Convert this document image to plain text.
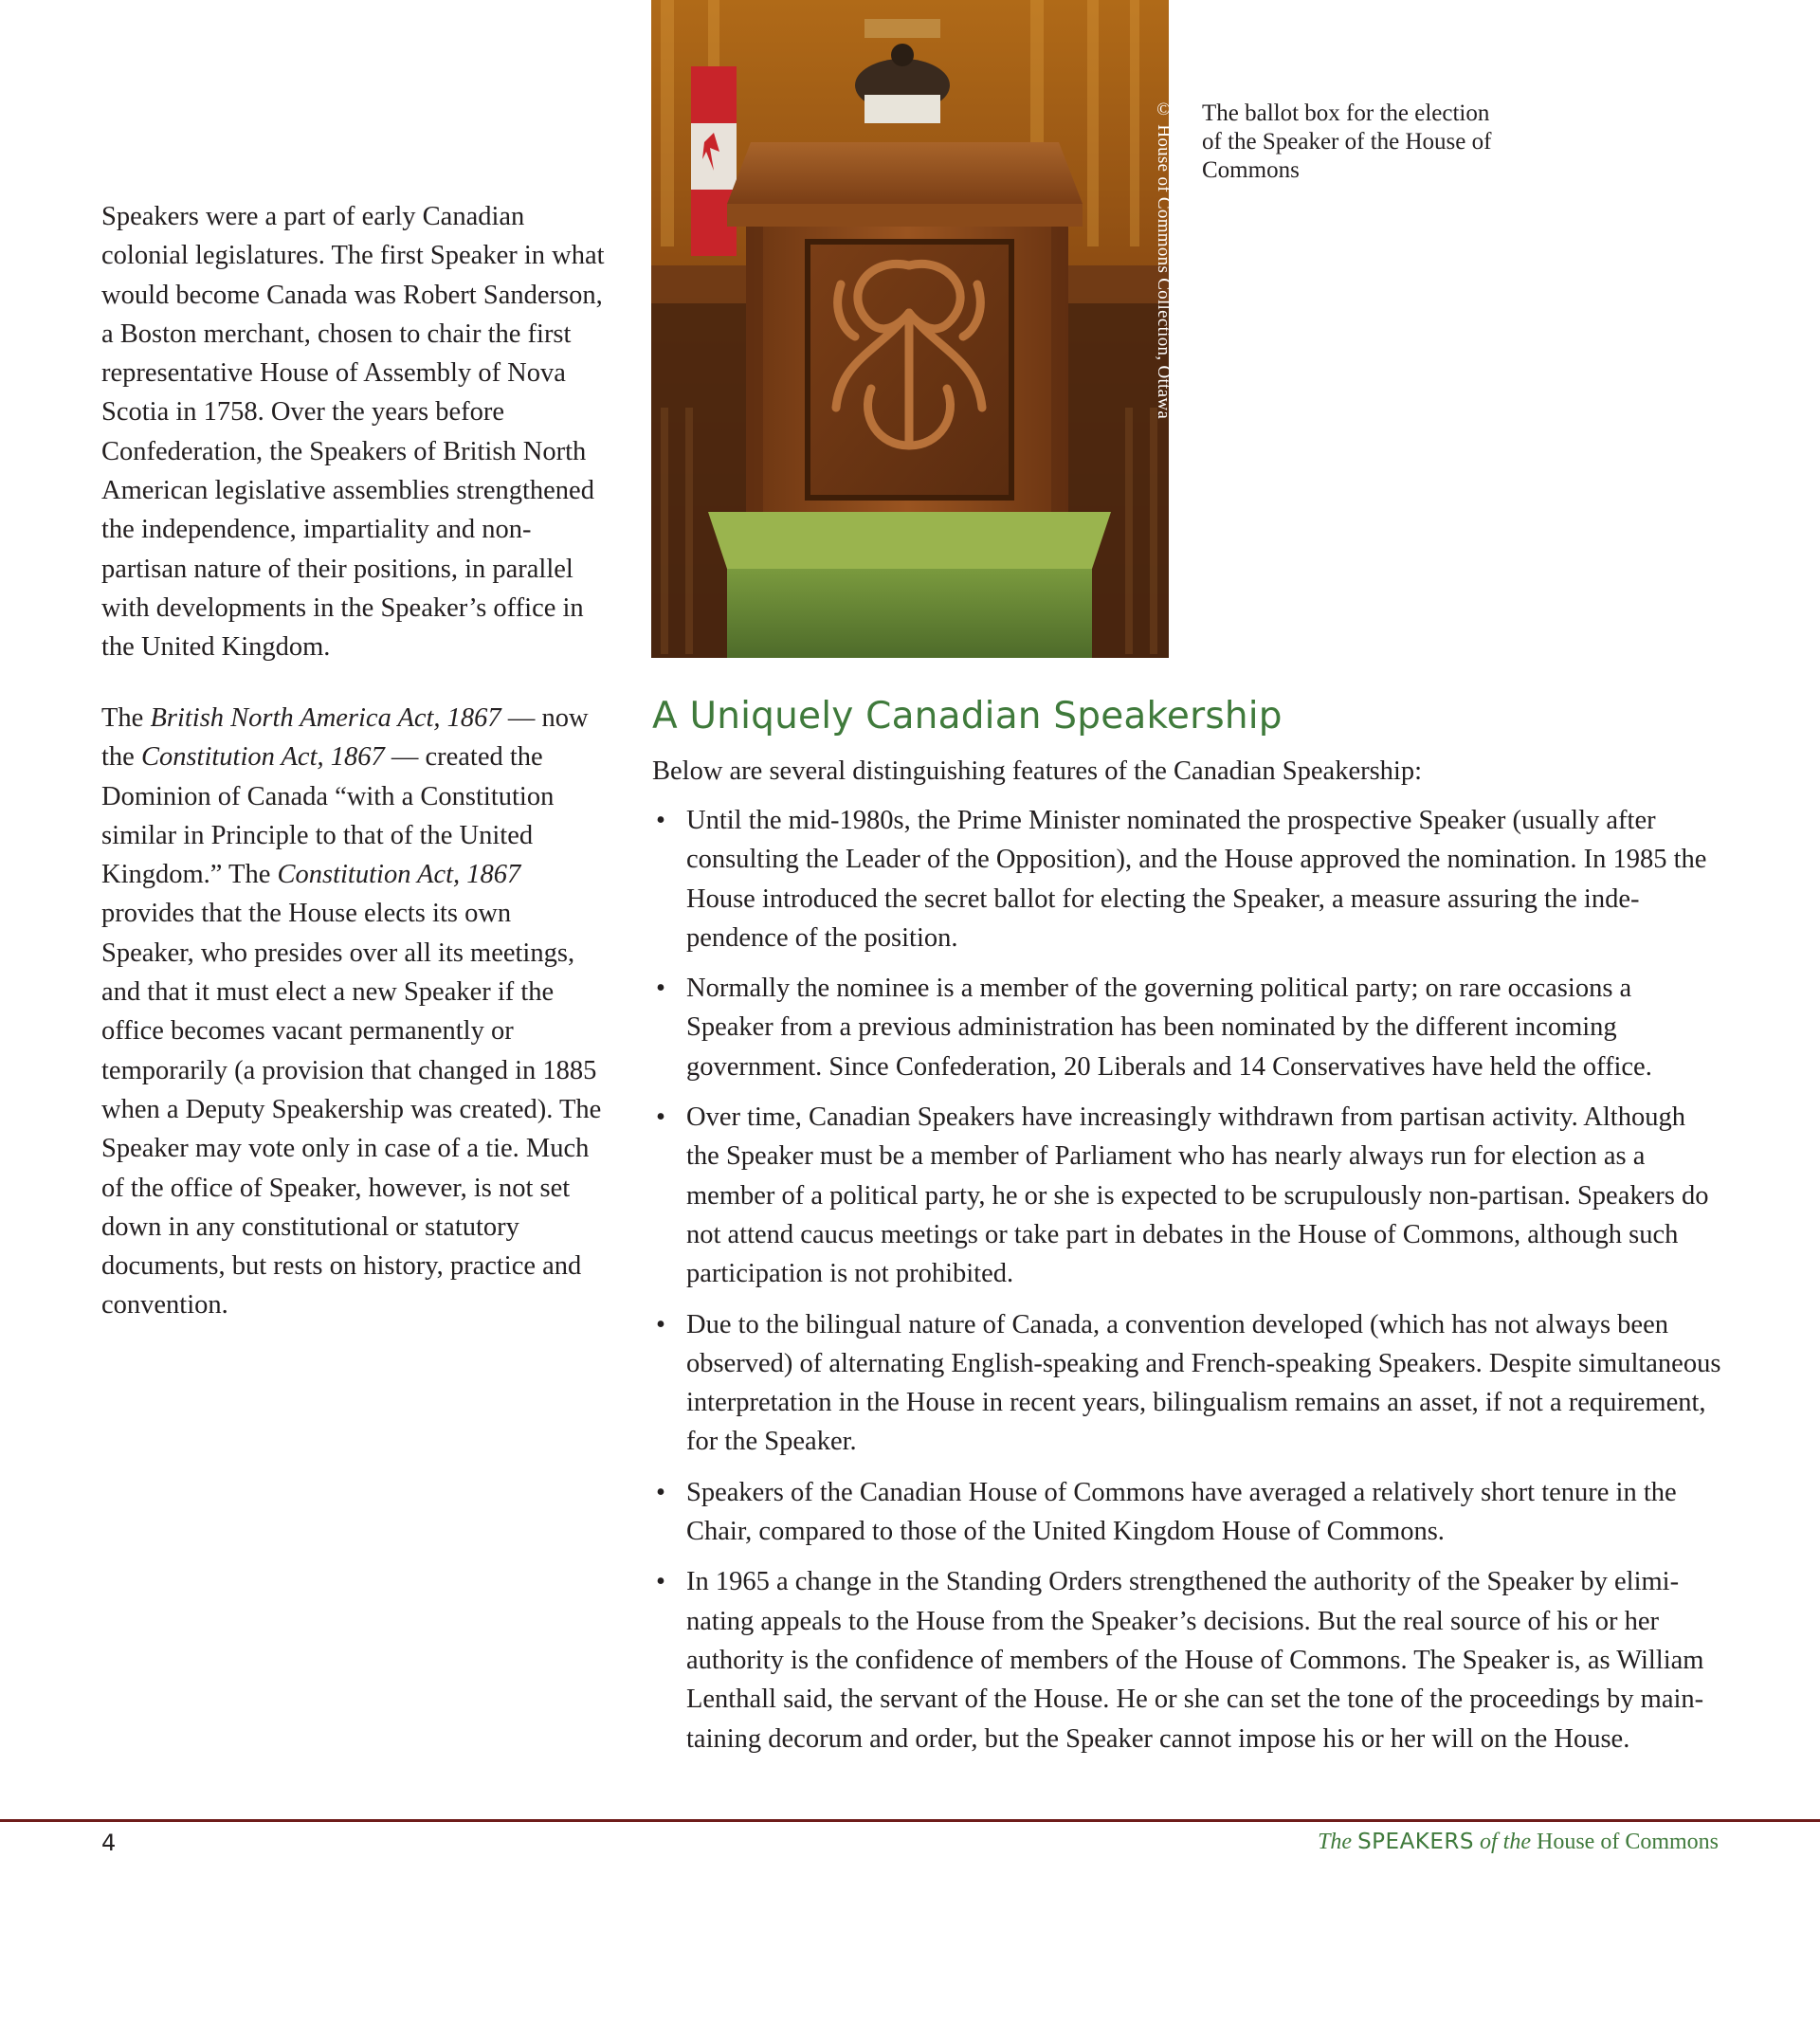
Speakers were a part of early Canadian colonial legislatures. The first Speaker in what would become Canada was Robert Sanderson, a Boston merchant, chosen to chair the first representative House of Assembly of Nova Scotia in 1758. Over the years before Confederation, the Speakers of British North American legislative assemblies strengthened the independence, impartiality and non-partisan nature of their positions, in parallel with developments in the Speaker’s office in the United Kingdom.

The British North America Act, 1867 — now the Constitution Act, 1867 — created the Dominion of Canada “with a Constitution similar in Principle to that of the United Kingdom.” The Constitution Act, 1867 provides that the House elects its own Speaker, who presides over all its meetings, and that it must elect a new Speaker if the office becomes vacant permanently or temporarily (a provision that changed in 1885 when a Deputy Speakership was created). The Speaker may vote only in case of a tie. Much of the office of Speaker, however, is not set down in any constitutional or statutory documents, but rests on history, practice and convention.

© House of Commons Collection, Ottawa The ballot box for the election of the Speaker of the House of Commons
A Uniquely Canadian Speakership
Below are several distinguishing features of the Canadian Speakership:
• Until the mid-1980s, the Prime Minister nominated the prospective Speaker (usually after consulting the Leader of the Opposition), and the House approved the nomination. In 1985 the House introduced the secret ballot for electing the Speaker, a measure assuring the inde-pendence of the position.
• Normally the nominee is a member of the governing political party; on rare occasions a Speaker from a previous administration has been nominated by the different incoming government. Since Confederation, 20 Liberals and 14 Conservatives have held the office.
• Over time, Canadian Speakers have increasingly withdrawn from partisan activity. Although the Speaker must be a member of Parliament who has nearly always run for election as a member of a political party, he or she is expected to be scrupulously non-partisan. Speakers do not attend caucus meetings or take part in debates in the House of Commons, although such participation is not prohibited.
• Due to the bilingual nature of Canada, a convention developed (which has not always been observed) of alternating English-speaking and French-speaking Speakers. Despite simultaneous interpretation in the House in recent years, bilingualism remains an asset, if not a requirement, for the Speaker.
• Speakers of the Canadian House of Commons have averaged a relatively short tenure in the Chair, compared to those of the United Kingdom House of Commons.
• In 1965 a change in the Standing Orders strengthened the authority of the Speaker by elimi-nating appeals to the House from the Speaker’s decisions. But the real source of his or her authority is the confidence of members of the House of Commons. The Speaker is, as William Lenthall said, the servant of the House. He or she can set the tone of the proceedings by main-taining decorum and order, but the Speaker cannot impose his or her will on the House.
4	The SPEAKERS of the House of Commons
